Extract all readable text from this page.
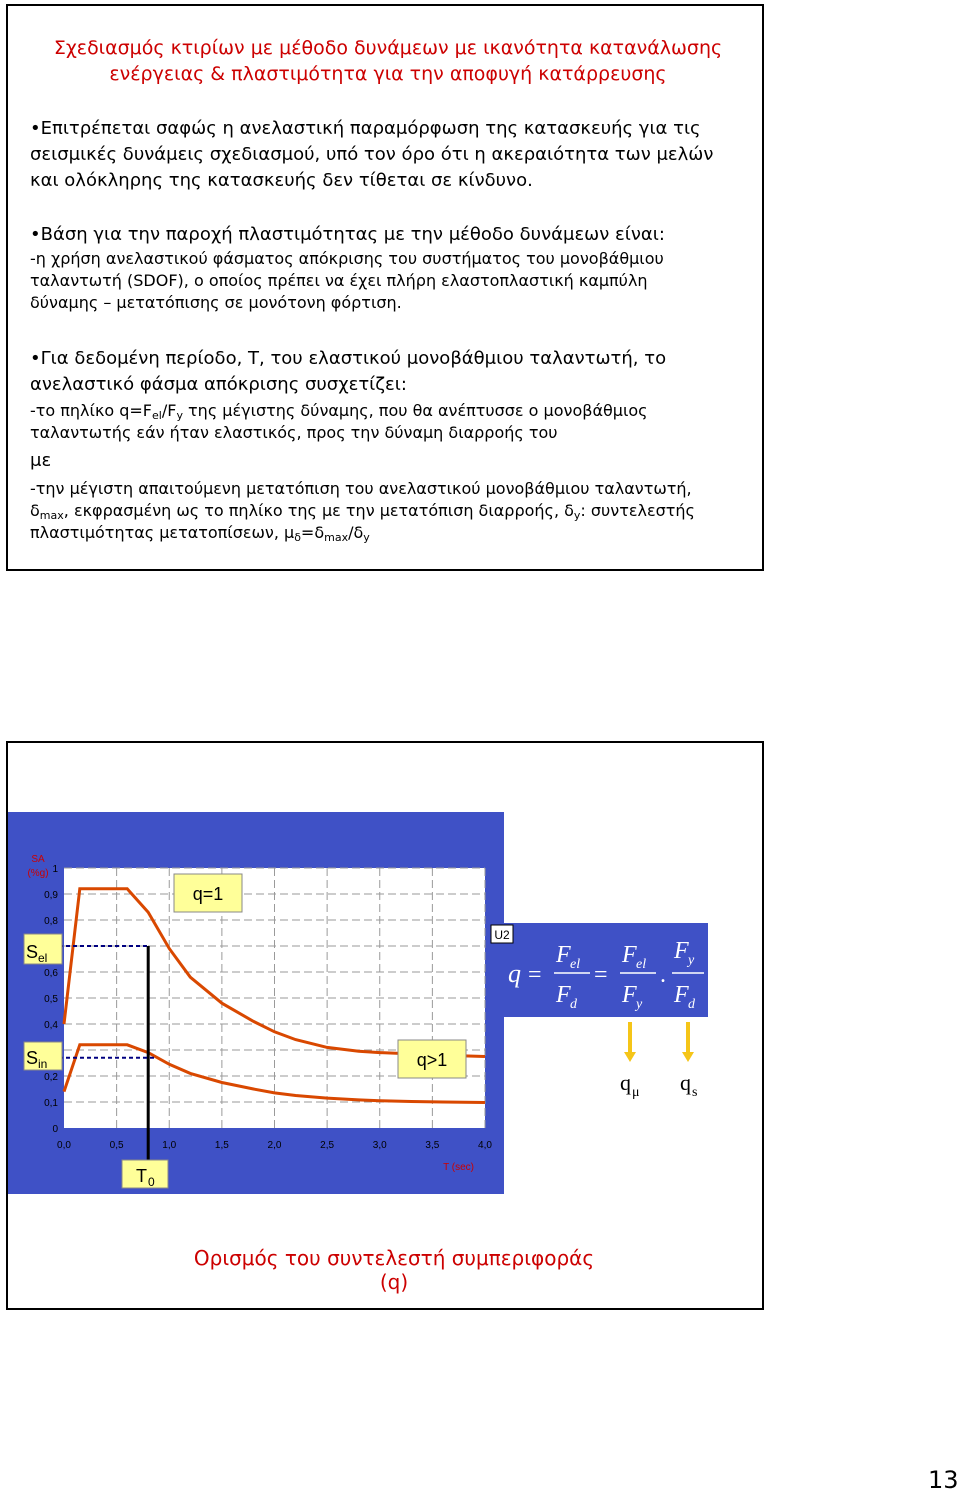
Σχεδιασμός κτιρίων με μέθοδο δυνάμεων με ικανότητα κατανάλωσης
ενέργειας & πλαστιμότητα για την αποφυγή κατάρρευσης

•Επιτρέπεται σαφώς η ανελαστική παραμόρφωση της κατασκευής για τις

σεισμικές δυνάμεις σχεδιασμού, υπό τον όρο ότι η ακεραιότητα των μελών

και ολόκληρης της κατασκευής δεν τίθεται σε κίνδυνο.

•Βάση για την παροχή πλαστιμότητας με την μέθοδο δυνάμεων είναι:

-η χρήση ανελαστικού φάσματος απόκρισης του συστήματος του μονοβάθμιου

ταλαντωτή (SDOF), ο οποίος πρέπει να έχει πλήρη ελαστοπλαστική καμπύλη

δύναμης – μετατόπισης σε μονότονη φόρτιση.

•Για δεδομένη περίοδο, Τ, του ελαστικού μονοβάθμιου ταλαντωτή, το

ανελαστικό φάσμα απόκρισης συσχετίζει:

-το πηλίκο $q=F_{el}/F_y$ της μέγιστης δύναμης, που θα ανέπτυσσε ο μονοβάθμιος

ταλαντωτής εάν ήταν ελαστικός, προς την δύναμη διαρροής του

με

-την μέγιστη απαιτούμενη μετατόπιση του ανελαστικού μονοβάθμιου ταλαντωτή,

$\delta_{max}$, εκφρασμένη ως το πηλίκο της με την μετατόπιση διαρροής, $\delta_y$: συντελεστής

πλαστιμότητας μετατοπίσεων, $\mu_\delta=\delta_{max}/\delta_y$

0
0,1
0,2
0,4
0,5
0,6
0,8
0,9
1
0,0	0,5	1,0	1,5	2,0	2,5	3,0	3,5	4,0
SA
(%g)
T (sec)
q=1
q>1
S el
S in
T 0
U2
q =
F el
F d
=
F el
F y
.
F y
F d
q μ q s
Ορισμός του συντελεστή συμπεριφοράς (q)
13
